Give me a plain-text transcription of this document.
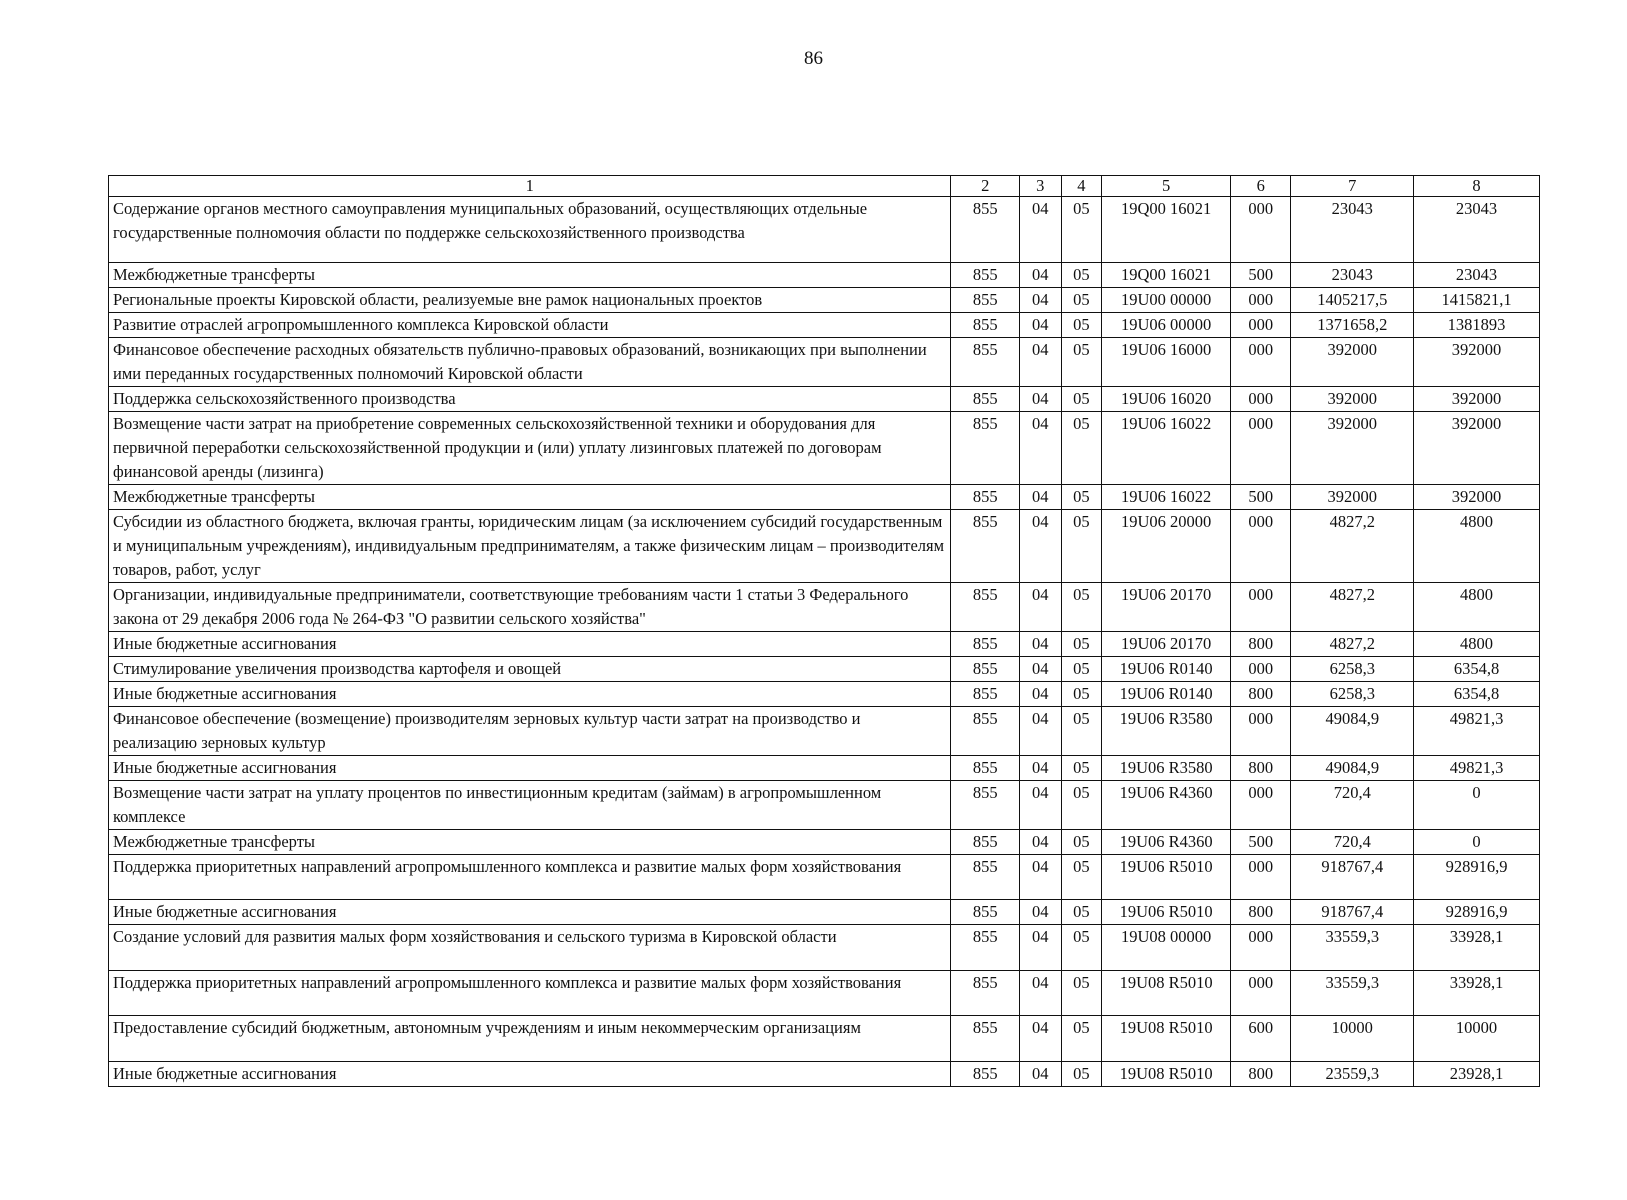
86
1	2	3	4	5	6	7	8
Содержание органов местного самоуправления муниципальных образований, осуществляющих отдельные государственные полномочия области по поддержке сельскохозяйственного производства	855	04	05	19Q00 16021	000	23043	23043
Межбюджетные трансферты	855	04	05	19Q00 16021	500	23043	23043
Региональные проекты Кировской области, реализуемые вне рамок национальных проектов	855	04	05	19U00 00000	000	1405217,5	1415821,1
Развитие отраслей агропромышленного комплекса Кировской области	855	04	05	19U06 00000	000	1371658,2	1381893
Финансовое обеспечение расходных обязательств публично-правовых образований, возникающих при выполнении ими переданных государственных полномочий Кировской области	855	04	05	19U06 16000	000	392000	392000
Поддержка сельскохозяйственного производства	855	04	05	19U06 16020	000	392000	392000
Возмещение части затрат на приобретение современных сельскохозяйственной техники и оборудования для первичной переработки сельскохозяйственной продукции и (или) уплату лизинговых платежей по договорам финансовой аренды (лизинга)	855	04	05	19U06 16022	000	392000	392000
Межбюджетные трансферты	855	04	05	19U06 16022	500	392000	392000
Субсидии из областного бюджета, включая гранты, юридическим лицам (за исключением субсидий государственным и муниципальным учреждениям), индивидуальным предпринимателям, а также физическим лицам – производителям товаров, работ, услуг	855	04	05	19U06 20000	000	4827,2	4800
Организации, индивидуальные предприниматели, соответствующие требованиям части 1 статьи 3 Федерального закона от 29 декабря 2006 года № 264-ФЗ "О развитии сельского хозяйства"	855	04	05	19U06 20170	000	4827,2	4800
Иные бюджетные ассигнования	855	04	05	19U06 20170	800	4827,2	4800
Стимулирование увеличения производства картофеля и овощей	855	04	05	19U06 R0140	000	6258,3	6354,8
Иные бюджетные ассигнования	855	04	05	19U06 R0140	800	6258,3	6354,8
Финансовое обеспечение (возмещение) производителям зерновых культур части затрат на производство и реализацию зерновых культур	855	04	05	19U06 R3580	000	49084,9	49821,3
Иные бюджетные ассигнования	855	04	05	19U06 R3580	800	49084,9	49821,3
Возмещение части затрат на уплату процентов по инвестиционным кредитам (займам) в агропромышленном комплексе	855	04	05	19U06 R4360	000	720,4	0
Межбюджетные трансферты	855	04	05	19U06 R4360	500	720,4	0
Поддержка приоритетных направлений агропромышленного комплекса и развитие малых форм хозяйствования	855	04	05	19U06 R5010	000	918767,4	928916,9
Иные бюджетные ассигнования	855	04	05	19U06 R5010	800	918767,4	928916,9
Создание условий для развития малых форм хозяйствования и сельского туризма в Кировской области	855	04	05	19U08 00000	000	33559,3	33928,1
Поддержка приоритетных направлений агропромышленного комплекса и развитие малых форм хозяйствования	855	04	05	19U08 R5010	000	33559,3	33928,1
Предоставление субсидий бюджетным, автономным учреждениям и иным некоммерческим организациям	855	04	05	19U08 R5010	600	10000	10000
Иные бюджетные ассигнования	855	04	05	19U08 R5010	800	23559,3	23928,1
